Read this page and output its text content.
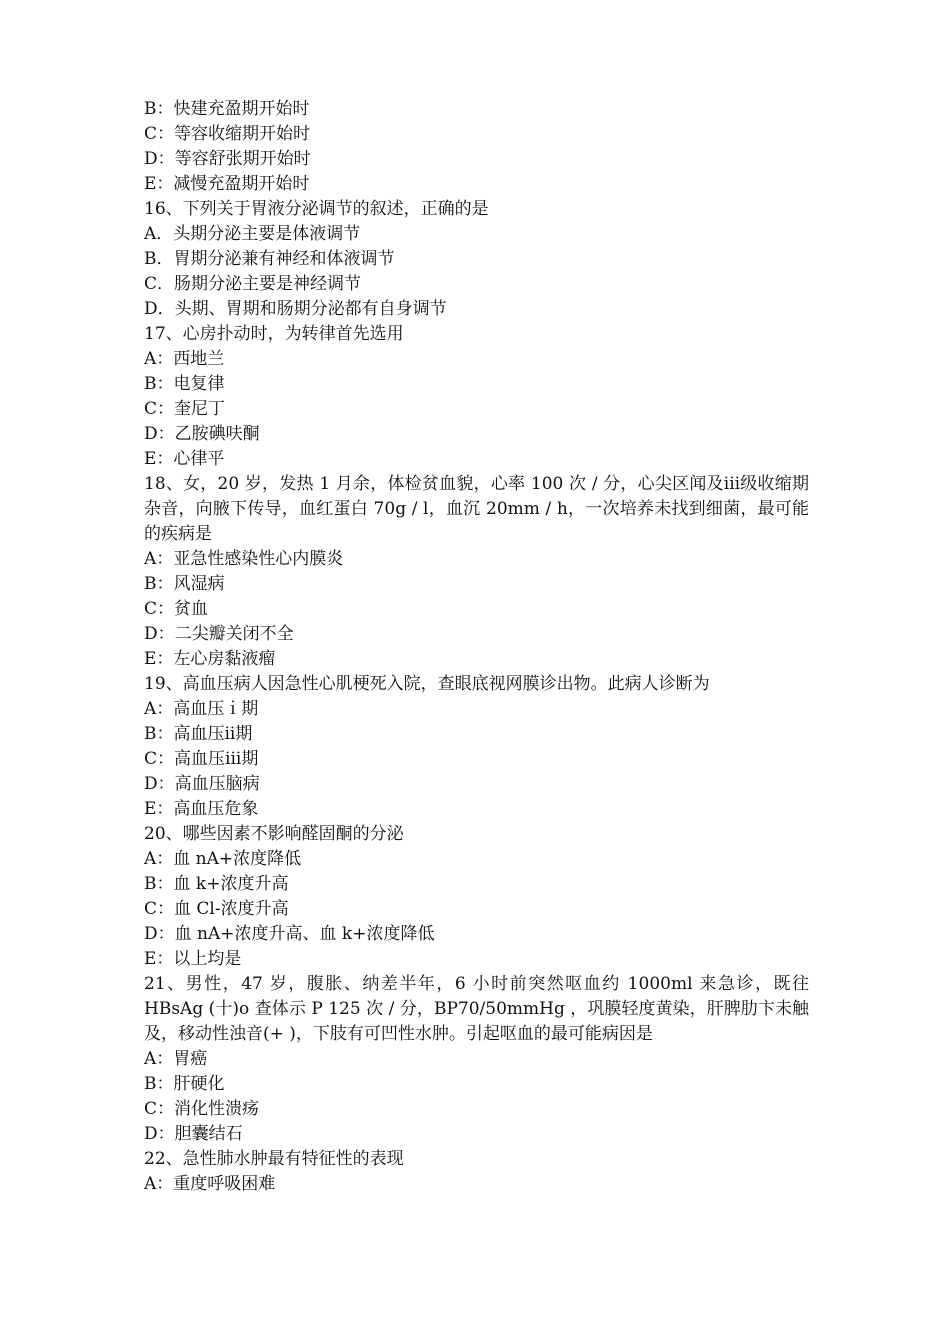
B：快建充盈期开始时
C：等容收缩期开始时
D：等容舒张期开始时
E：减慢充盈期开始时
16、下列关于胃液分泌调节的叙述，正确的是
A．头期分泌主要是体液调节
B．胃期分泌兼有神经和体液调节
C．肠期分泌主要是神经调节
D．头期、胃期和肠期分泌都有自身调节
17、心房扑动时，为转律首先选用
A：西地兰
B：电复律
C：奎尼丁
D：乙胺碘呋酮
E：心律平

18、女，20 岁，发热 1 月余，体检贫血貌，心率 100 次 / 分，心尖区闻及iii级收缩期杂音，向腋下传导，血红蛋白 70g / l，血沉 20mm / h，一次培养未找到细菌，最可能的疾病是

A：亚急性感染性心内膜炎
B：风湿病
C：贫血
D：二尖瓣关闭不全
E：左心房黏液瘤
19、高血压病人因急性心肌梗死入院，查眼底视网膜诊出物。此病人诊断为
A：高血压ｉ期
B：高血压ii期
C：高血压iii期
D：高血压脑病
E：高血压危象
20、哪些因素不影响醛固酮的分泌
A：血 nA+浓度降低
B：血 k+浓度升高
C：血 Cl-浓度升高
D：血 nA+浓度升高、血 k+浓度降低
E：以上均是

21、男性，47 岁，腹胀、纳差半年，6 小时前突然呕血约 1000ml 来急诊，既往 HBsAg (十)o 查体示 P 125 次 / 分，BP70/50mmHg ，巩膜轻度黄染，肝脾肋卞未触及，移动性浊音(+ )，下肢有可凹性水肿。引起呕血的最可能病因是

A：胃癌
B：肝硬化
C：消化性溃疡
D：胆囊结石
22、急性肺水肿最有特征性的表现
A：重度呼吸困难
